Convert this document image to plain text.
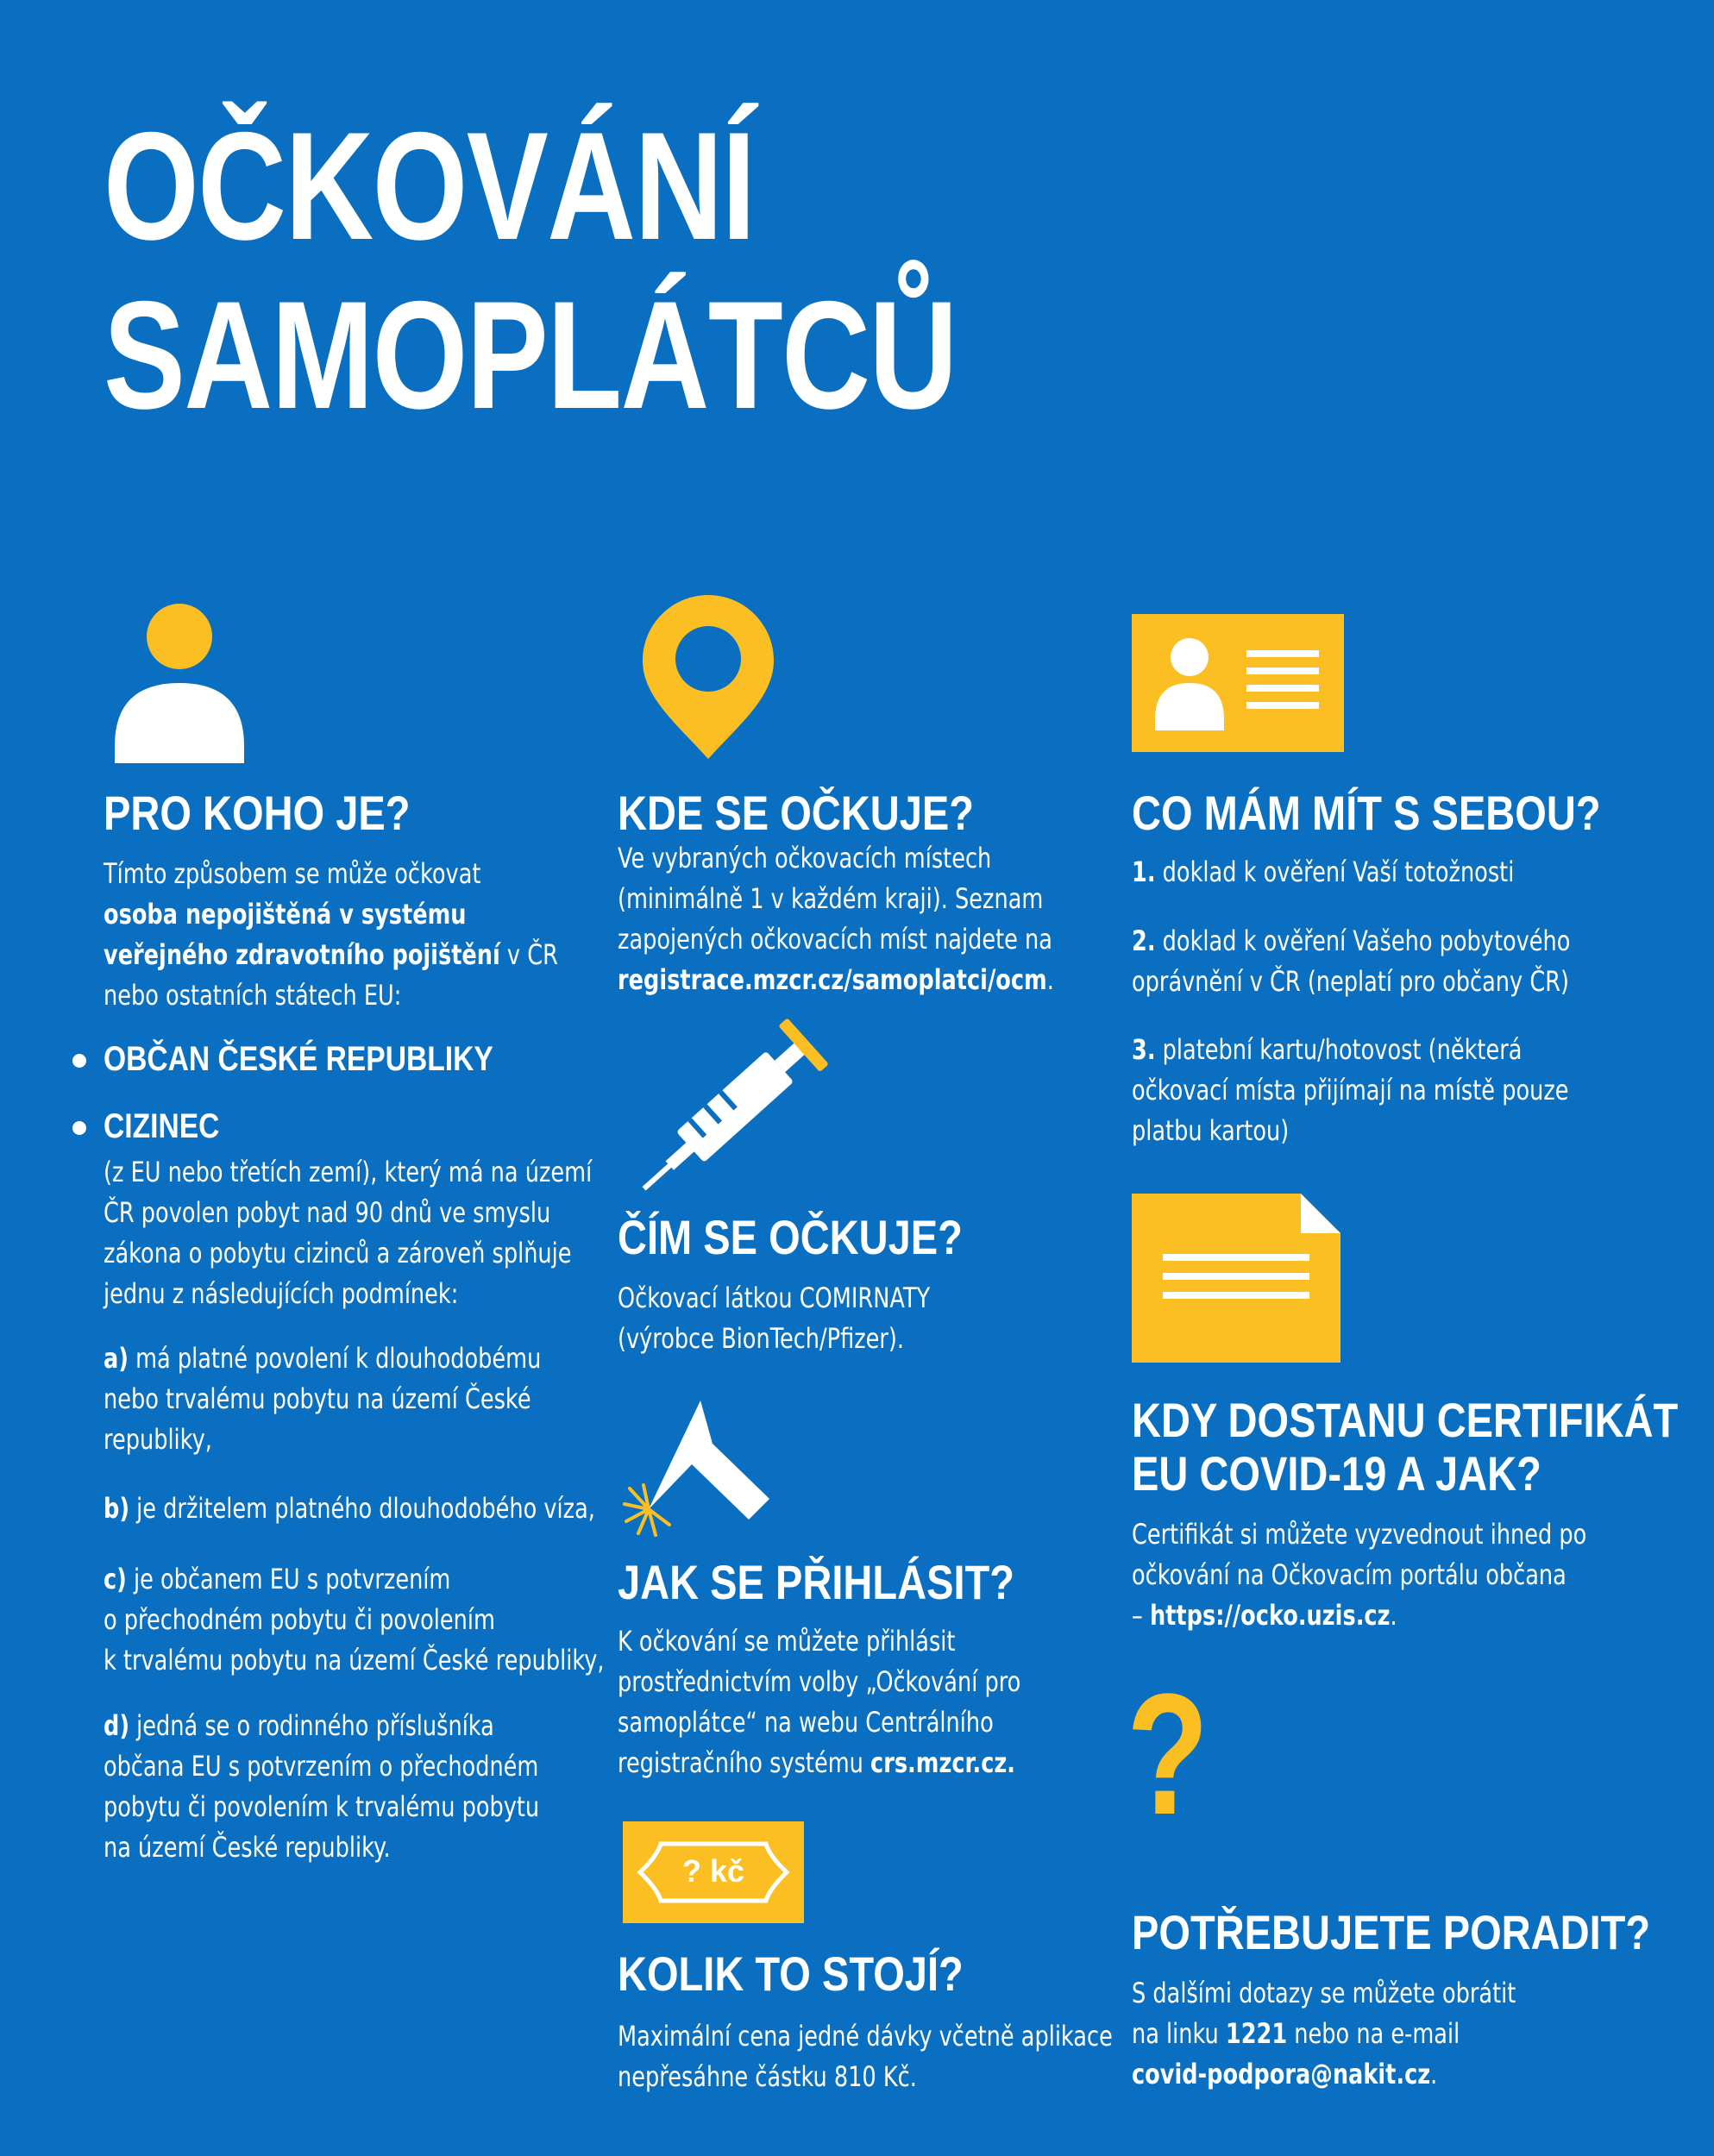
OČKOVÁNÍ
SAMOPLÁTCŮ
PRO KOHO JE?
Tímto způsobem se může očkovat
osoba nepojištěná v systému
veřejného zdravotního pojištění v ČR
nebo ostatních státech EU:
OBČAN ČESKÉ REPUBLIKY
CIZINEC
(z EU nebo třetích zemí), který má na území
ČR povolen pobyt nad 90 dnů ve smyslu
zákona o pobytu cizinců a zároveň splňuje
jednu z následujících podmínek:
a) má platné povolení k dlouhodobému
nebo trvalému pobytu na území České
republiky,
b) je držitelem platného dlouhodobého víza,
c) je občanem EU s potvrzením
o přechodném pobytu či povolením
k trvalému pobytu na území České republiky,
d) jedná se o rodinného příslušníka
občana EU s potvrzením o přechodném
pobytu či povolením k trvalému pobytu
na území České republiky.
KDE SE OČKUJE?
Ve vybraných očkovacích místech
(minimálně 1 v každém kraji). Seznam
zapojených očkovacích míst najdete na
registrace.mzcr.cz/samoplatci/ocm.
ČÍM SE OČKUJE?
Očkovací látkou COMIRNATY
(výrobce BionTech/Pfizer).
JAK SE PŘIHLÁSIT?
K očkování se můžete přihlásit
prostřednictvím volby „Očkování pro
samoplátce“ na webu Centrálního
registračního systému crs.mzcr.cz.
? kč
KOLIK TO STOJÍ?
Maximální cena jedné dávky včetně aplikace
nepřesáhne částku 810 Kč.
CO MÁM MÍT S SEBOU?
1. doklad k ověření Vaší totožnosti
2. doklad k ověření Vašeho pobytového
oprávnění v ČR (neplatí pro občany ČR)
3. platební kartu/hotovost (některá
očkovací místa přijímají na místě pouze
platbu kartou)
KDY DOSTANU CERTIFIKÁT
EU COVID-19 A JAK?
Certifikát si můžete vyzvednout ihned po
očkování na Očkovacím portálu občana
– https://ocko.uzis.cz.
?
POTŘEBUJETE PORADIT?
S dalšími dotazy se můžete obrátit
na linku 1221 nebo na e-mail
covid-podpora@nakit.cz.
